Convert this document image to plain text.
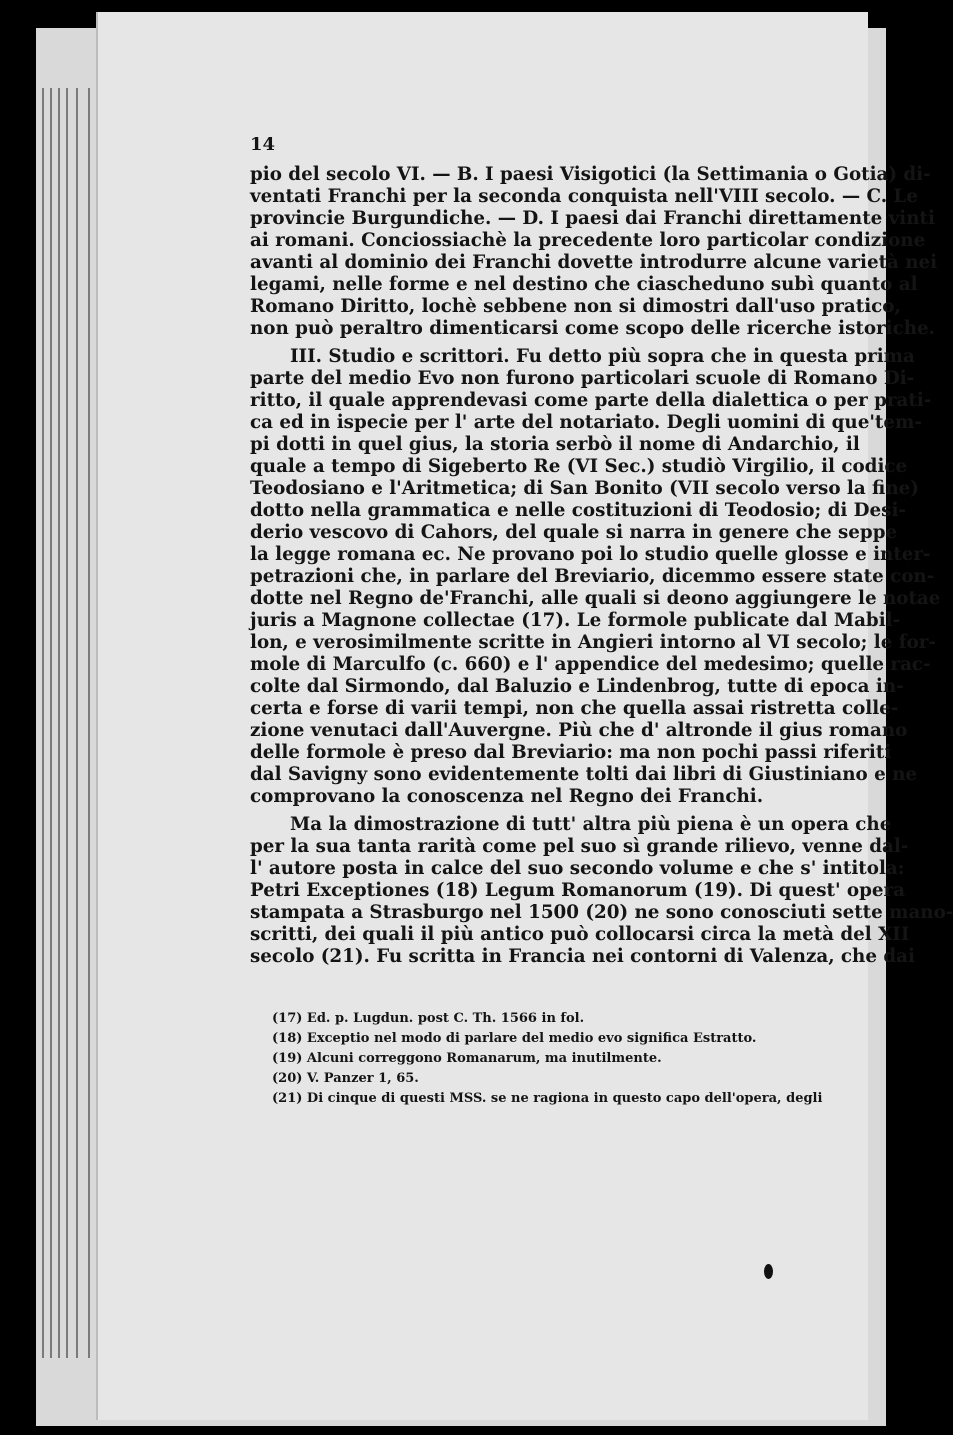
14
pio del secolo VI. — B. I paesi Visigotici (la Settimania o Gotia) di-
ventati Franchi per la seconda conquista nell'VIII secolo. — C. Le
provincie Burgundiche. — D. I paesi dai Franchi direttamente vinti
ai romani. Conciossiachè la precedente loro particolar condizione
avanti al dominio dei Franchi dovette introdurre alcune varietà nei
legami, nelle forme e nel destino che ciascheduno subì quanto al
Romano Diritto, lochè sebbene non si dimostri dall'uso pratico,
non può peraltro dimenticarsi come scopo delle ricerche istoriche.
III. Studio e scrittori. Fu detto più sopra che in questa prima
parte del medio Evo non furono particolari scuole di Romano Di-
ritto, il quale apprendevasi come parte della dialettica o per prati-
ca ed in ispecie per l' arte del notariato. Degli uomini di que'tem-
pi dotti in quel gius, la storia serbò il nome di Andarchio, il
quale a tempo di Sigeberto Re (VI Sec.) studiò Virgilio, il codice
Teodosiano e l'Aritmetica; di San Bonito (VII secolo verso la fine)
dotto nella grammatica e nelle costituzioni di Teodosio; di Desi-
derio vescovo di Cahors, del quale si narra in genere che seppe
la legge romana ec. Ne provano poi lo studio quelle glosse e inter-
petrazioni che, in parlare del Breviario, dicemmo essere state con-
dotte nel Regno de'Franchi, alle quali si deono aggiungere le notae
juris a Magnone collectae (17). Le formole publicate dal Mabil-
lon, e verosimilmente scritte in Angieri intorno al VI secolo; le for-
mole di Marculfo (c. 660) e l' appendice del medesimo; quelle rac-
colte dal Sirmondo, dal Baluzio e Lindenbrog, tutte di epoca in-
certa e forse di varii tempi, non che quella assai ristretta colle-
zione venutaci dall'Auvergne. Più che d' altronde il gius romano
delle formole è preso dal Breviario: ma non pochi passi riferiti
dal Savigny sono evidentemente tolti dai libri di Giustiniano e ne
comprovano la conoscenza nel Regno dei Franchi.
Ma la dimostrazione di tutt' altra più piena è un opera che
per la sua tanta rarità come pel suo sì grande rilievo, venne dal-
l' autore posta in calce del suo secondo volume e che s' intitola:
Petri Exceptiones (18) Legum Romanorum (19). Di quest' opera
stampata a Strasburgo nel 1500 (20) ne sono conosciuti sette mano-
scritti, dei quali il più antico può collocarsi circa la metà del XII
secolo (21). Fu scritta in Francia nei contorni di Valenza, che dai
(17) Ed. p. Lugdun. post C. Th. 1566 in fol.
(18) Exceptio nel modo di parlare del medio evo significa Estratto.
(19) Alcuni correggono Romanarum, ma inutilmente.
(20) V. Panzer 1, 65.
(21) Di cinque di questi MSS. se ne ragiona in questo capo dell'opera, degli
